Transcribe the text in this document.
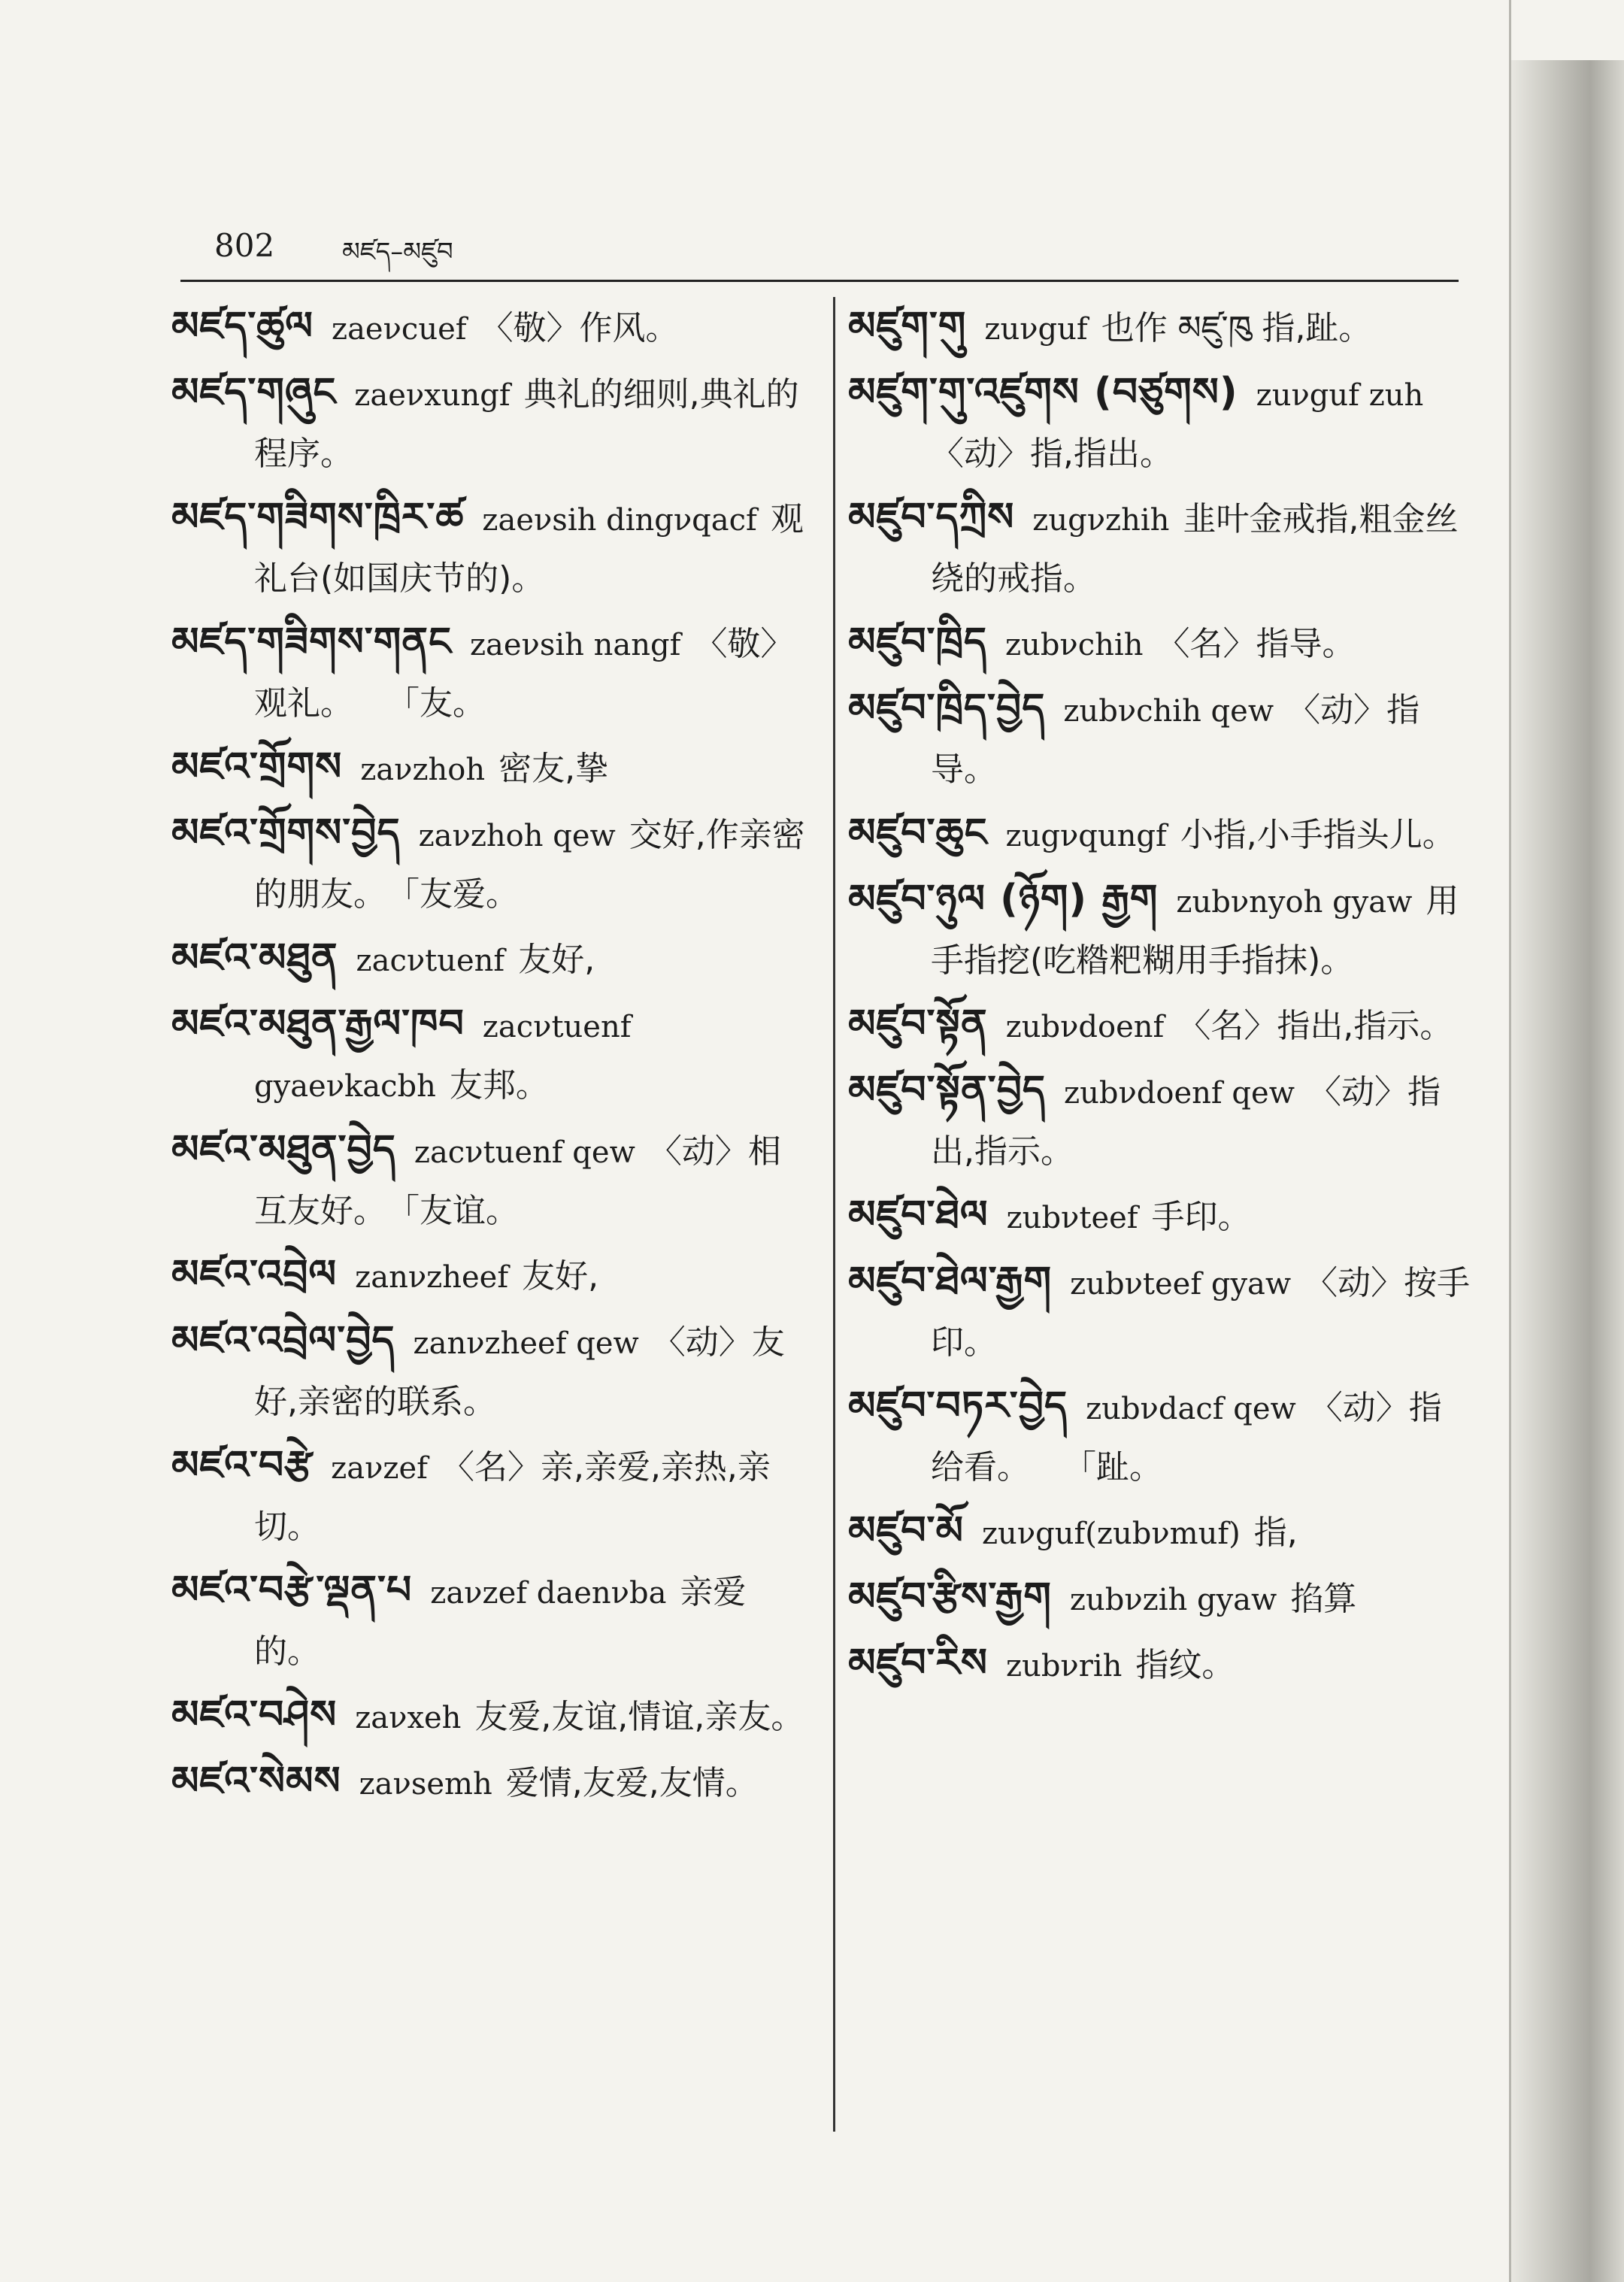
802	མཛད–མཛུབ

མཛད་ཚུལ zaeνcuef 〈敬〉作风。

མཛད་གཞུང zaeνxungf 典礼的细则,典礼的程序。

མཛད་གཟིགས་ཁྲིར་ཚ zaeνsih dingνqacf 观礼台(如国庆节的)。

མཛད་གཟིགས་གནང zaeνsih nangf 〈敬〉观礼。　　「友。

མཛའ་གྲོགས zaνzhoh 密友,挚

མཛའ་གྲོགས་བྱེད zaνzhoh qew 交好,作亲密的朋友。　「友爱。

མཛའ་མཐུན zacνtuenf 友好,

མཛའ་མཐུན་རྒྱལ་ཁབ zacνtuenf gyaeνkacbh 友邦。

མཛའ་མཐུན་བྱེད zacνtuenf qew 〈动〉相互友好。　「友谊。

མཛའ་འབྲེལ zanνzheef 友好,

མཛའ་འབྲེལ་བྱེད zanνzheef qew 〈动〉友好,亲密的联系。

མཛའ་བརྩེ zaνzef 〈名〉亲,亲爱,亲热,亲切。

མཛའ་བརྩེ་ལྡན་པ zaνzef daenνba 亲爱的。

མཛའ་བཤེས zaνxeh 友爱,友谊,情谊,亲友。

མཛའ་སེམས zaνsemh 爱情,友爱,友情。

མཛུག་གུ zuνguf 也作 མཛུ་ཁུ 指,趾。

མཛུག་གུ་འཛུགས (བཙུགས) zuνguf zuh〈动〉指,指出。

མཛུབ་དཀྲིས zugνzhih 韭叶金戒指,粗金丝绕的戒指。

མཛུབ་ཁྲིད zubνchih 〈名〉指导。

མཛུབ་ཁྲིད་བྱེད zubνchih qew 〈动〉指导。

མཛུབ་ཆུང zugνqungf 小指,小手指头儿。

མཛུབ་ཉུལ (ཉོག) རྒྱག zubνnyoh gyaw 用手指挖(吃糌粑糊用手指抹)。

མཛུབ་སྟོན zubνdoenf 〈名〉指出,指示。

མཛུབ་སྟོན་བྱེད zubνdoenf qew 〈动〉指出,指示。

མཛུབ་ཐེལ zubνteef 手印。

མཛུབ་ཐེལ་རྒྱག zubνteef gyaw 〈动〉按手印。

མཛུབ་བཏར་བྱེད zubνdacf qew 〈动〉指给看。　　「趾。

མཛུབ་མོ zuνguf(zubνmuf) 指,

མཛུབ་རྩིས་རྒྱག zubνzih gyaw 掐算

མཛུབ་རིས zubνrih 指纹。
